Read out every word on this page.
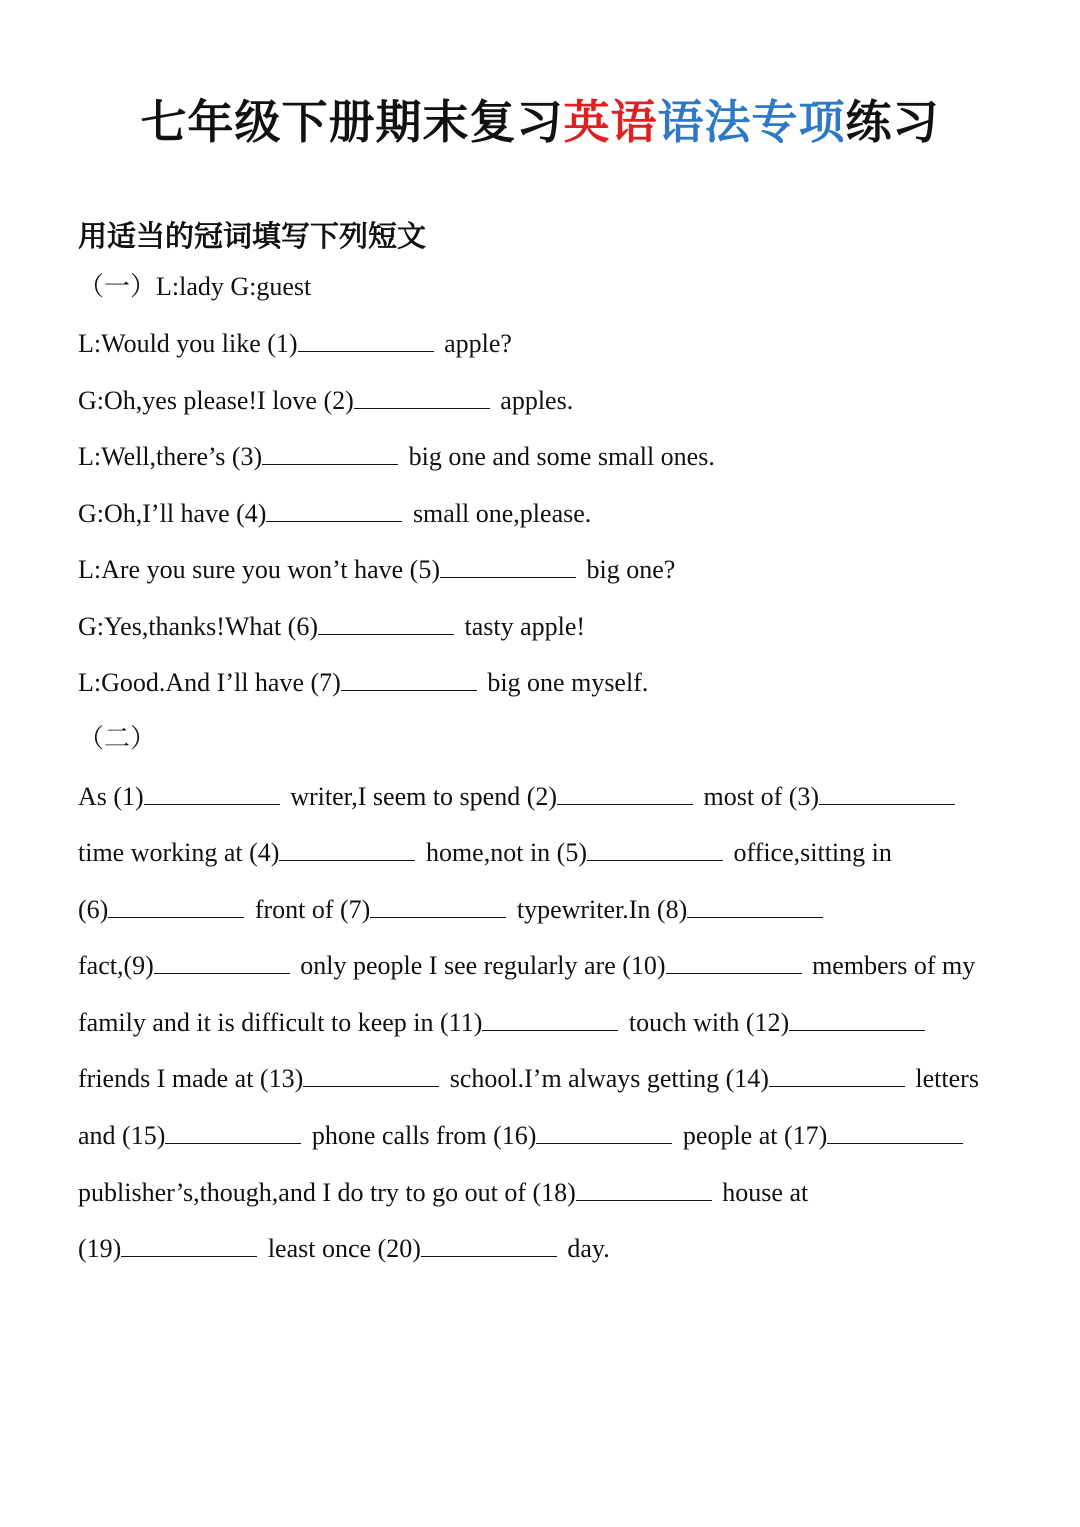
七年级下册期末复习英语语法专项练习
用适当的冠词填写下列短文
（一）L:lady G:guest
L:Would you like (1)	apple?
G:Oh,yes please!I love (2)	apples.
L:Well,there’s (3)	big one and some small ones.
G:Oh,I’ll have (4)	small one,please.
L:Are you sure you won’t have (5)	big one?
G:Yes,thanks!What (6)	tasty apple!
L:Good.And I’ll have (7)	big one myself.
（二）
As (1)	writer,I seem to spend (2)	most of (3)
time working at (4)	home,not in (5)	office,sitting in
(6)	front of (7)	typewriter.In (8)
fact,(9)	only people I see regularly are (10)	members of my
family and it is difficult to keep in (11)	touch with (12)
friends I made at (13)	school.I’m always getting (14)	letters
and (15)	phone calls from (16)	people at (17)
publisher’s,though,and I do try to go out of (18)	house at
(19)	least once (20)	day.
